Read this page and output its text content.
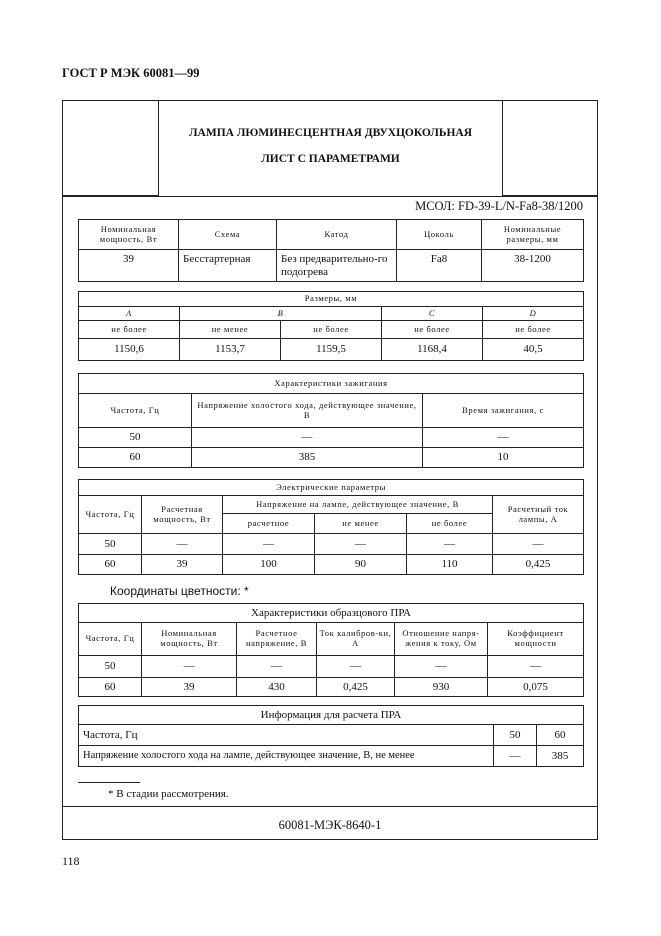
ГОСТ Р МЭК 60081—99
ЛАМПА ЛЮМИНЕСЦЕНТНАЯ ДВУХЦОКОЛЬНАЯ
ЛИСТ С ПАРАМЕТРАМИ
МСОЛ: FD-39-L/N-Fa8-38/1200
Номинальная мощность, Вт	Схема	Катод	Цоколь	Номинальные размеры, мм
39	Бесстартерная	Без предварительно-го подогрева	Fa8	38-1200
Размеры, мм				
A	B		C	D
не более	не менее	не более	не более	не более
1150,6	1153,7	1159,5	1168,4	40,5
Характеристики зажигания		
Частота, Гц	Напряжение холостого хода, действующее значение, В	Время зажигания, с
50	—	—
60	385	10
Электрические параметры					
Частота, Гц	Расчетная мощность, Вт	Напряжение на лампе, действующее значение, В			Расчетный ток лампы, А
		расчетное	не менее	не более	
50	—	—	—	—	—
60	39	100	90	110	0,425
Координаты цветности: *
Характеристики образцового ПРА					
Частота, Гц	Номинальная мощность, Вт	Расчетное напряжение, В	Ток калибров-ки, А	Отношение напря-жения к току, Ом	Коэффициент мощности
50	—	—	—	—	—
60	39	430	0,425	930	0,075
Информация для расчета ПРА		
Частота, Гц	50	60
Напряжение холостого хода на лампе, действующее значение, В, не менее	—	385
* В стадии рассмотрения.
60081-МЭК-8640-1
118
